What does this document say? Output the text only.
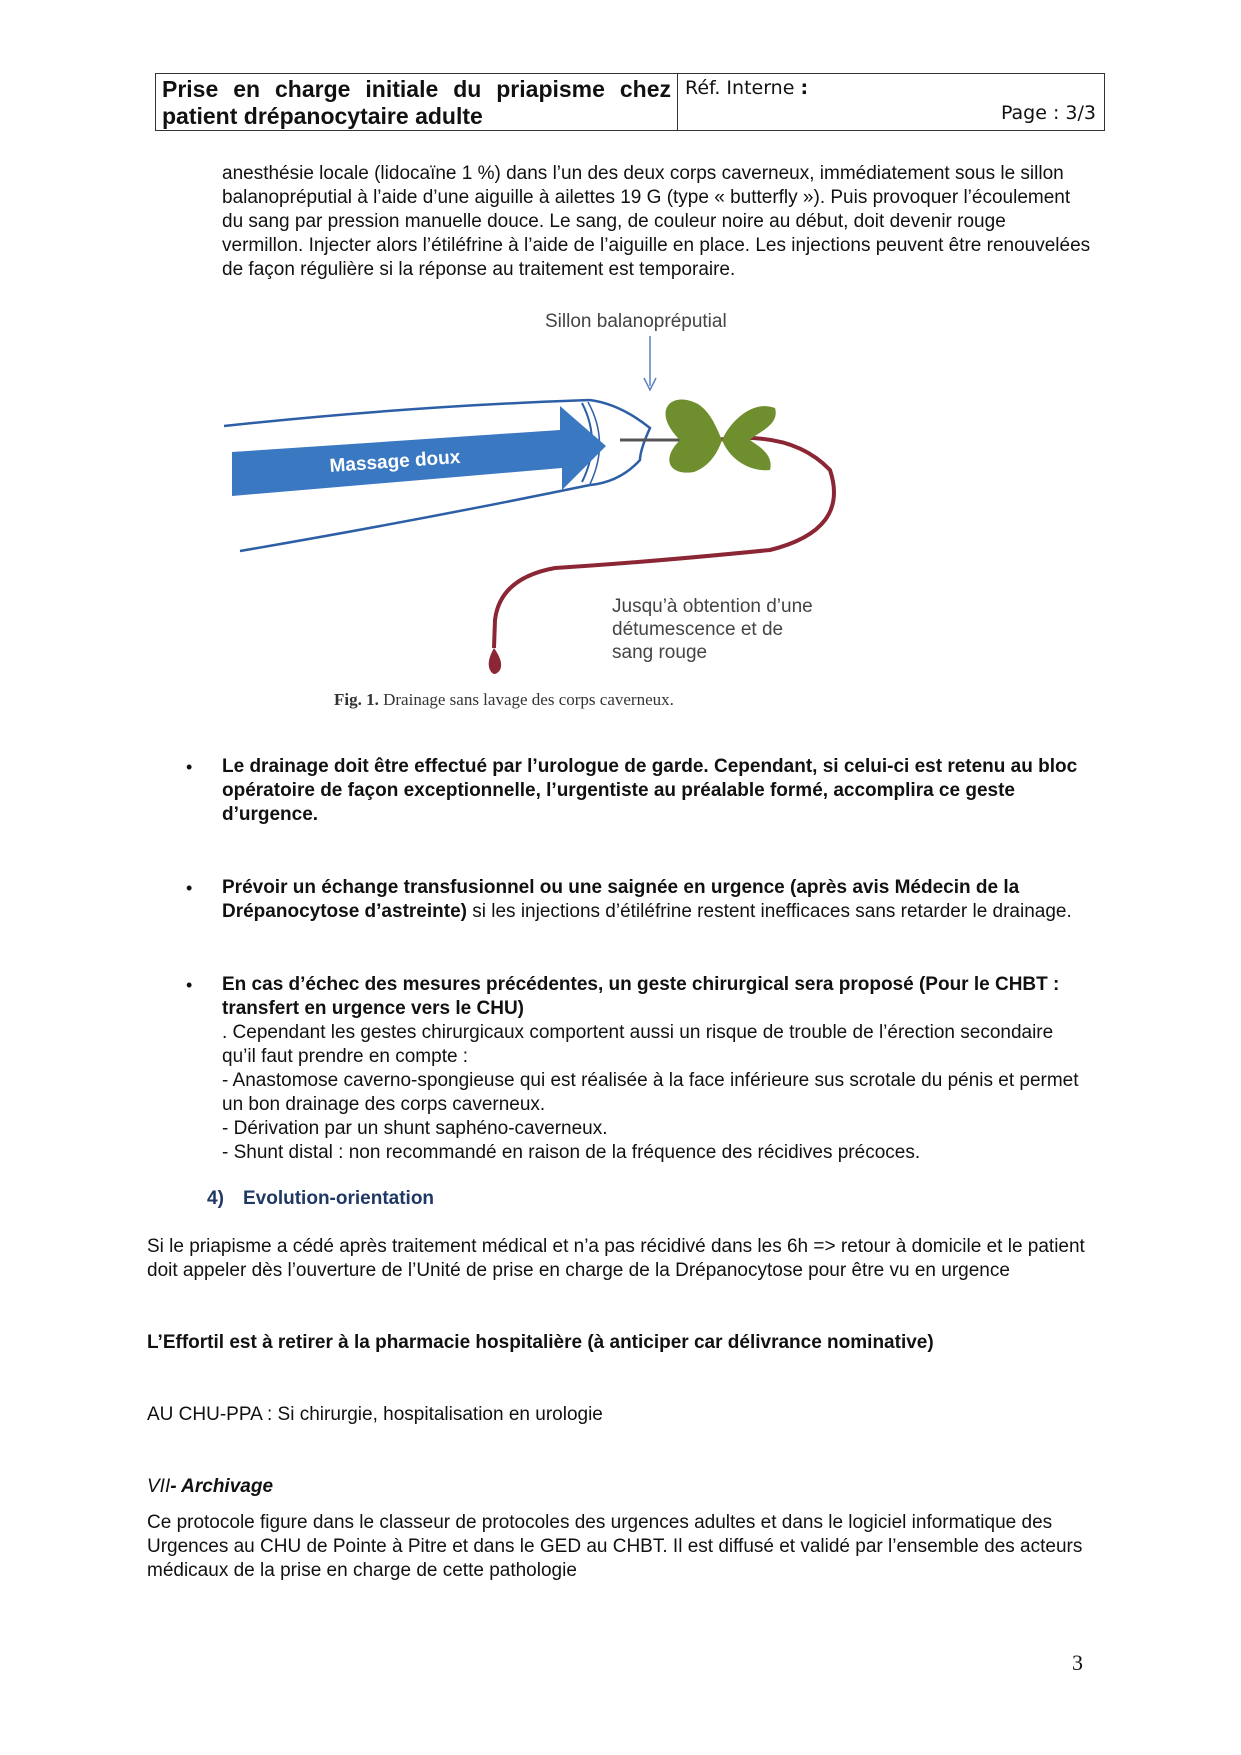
Prise en charge initiale du priapisme chez patient drépanocytaire adulte
Réf. Interne :
Page : 3/3
anesthésie locale (lidocaïne 1 %) dans l’un des deux corps caverneux, immédiatement sous le sillon balanopréputial à l’aide d’une aiguille à ailettes 19 G (type « butterfly »). Puis provoquer l’écoulement du sang par pression manuelle douce. Le sang, de couleur noire au début, doit devenir rouge vermillon. Injecter alors l’étiléfrine à l’aide de l’aiguille en place. Les injections peuvent être renouvelées de façon régulière si la réponse au traitement est temporaire.
Massage doux
Sillon balanopréputial
Jusqu’à obtention d’une
détumescence et de
sang rouge
Fig. 1. Drainage sans lavage des corps caverneux.
• Le drainage doit être effectué par l’urologue de garde. Cependant, si celui-ci est retenu au bloc opératoire de façon exceptionnelle, l’urgentiste au préalable formé, accomplira ce geste d’urgence.
• Prévoir un échange transfusionnel ou une saignée en urgence (après avis Médecin de la Drépanocytose d’astreinte) si les injections d’étiléfrine restent inefficaces sans retarder le drainage.
• En cas d’échec des mesures précédentes, un geste chirurgical sera proposé (Pour le CHBT : transfert en urgence vers le CHU)
. Cependant les gestes chirurgicaux comportent aussi un risque de trouble de l’érection secondaire qu’il faut prendre en compte :
- Anastomose caverno-spongieuse qui est réalisée à la face inférieure sus scrotale du pénis et permet un bon drainage des corps caverneux.
- Dérivation par un shunt saphéno-caverneux.
- Shunt distal : non recommandé en raison de la fréquence des récidives précoces.
4) Evolution-orientation
Si le priapisme a cédé après traitement médical et n’a pas récidivé dans les 6h => retour à domicile et le patient doit appeler dès l’ouverture de l’Unité de prise en charge de la Drépanocytose pour être vu en urgence
L’Effortil est à retirer à la pharmacie hospitalière (à anticiper car délivrance nominative)
AU CHU-PPA : Si chirurgie, hospitalisation en urologie
VII- Archivage
Ce protocole figure dans le classeur de protocoles des urgences adultes et dans le logiciel informatique des Urgences au CHU de Pointe à Pitre et dans le GED au CHBT. Il est diffusé et validé par l’ensemble des acteurs médicaux de la prise en charge de cette pathologie
3
